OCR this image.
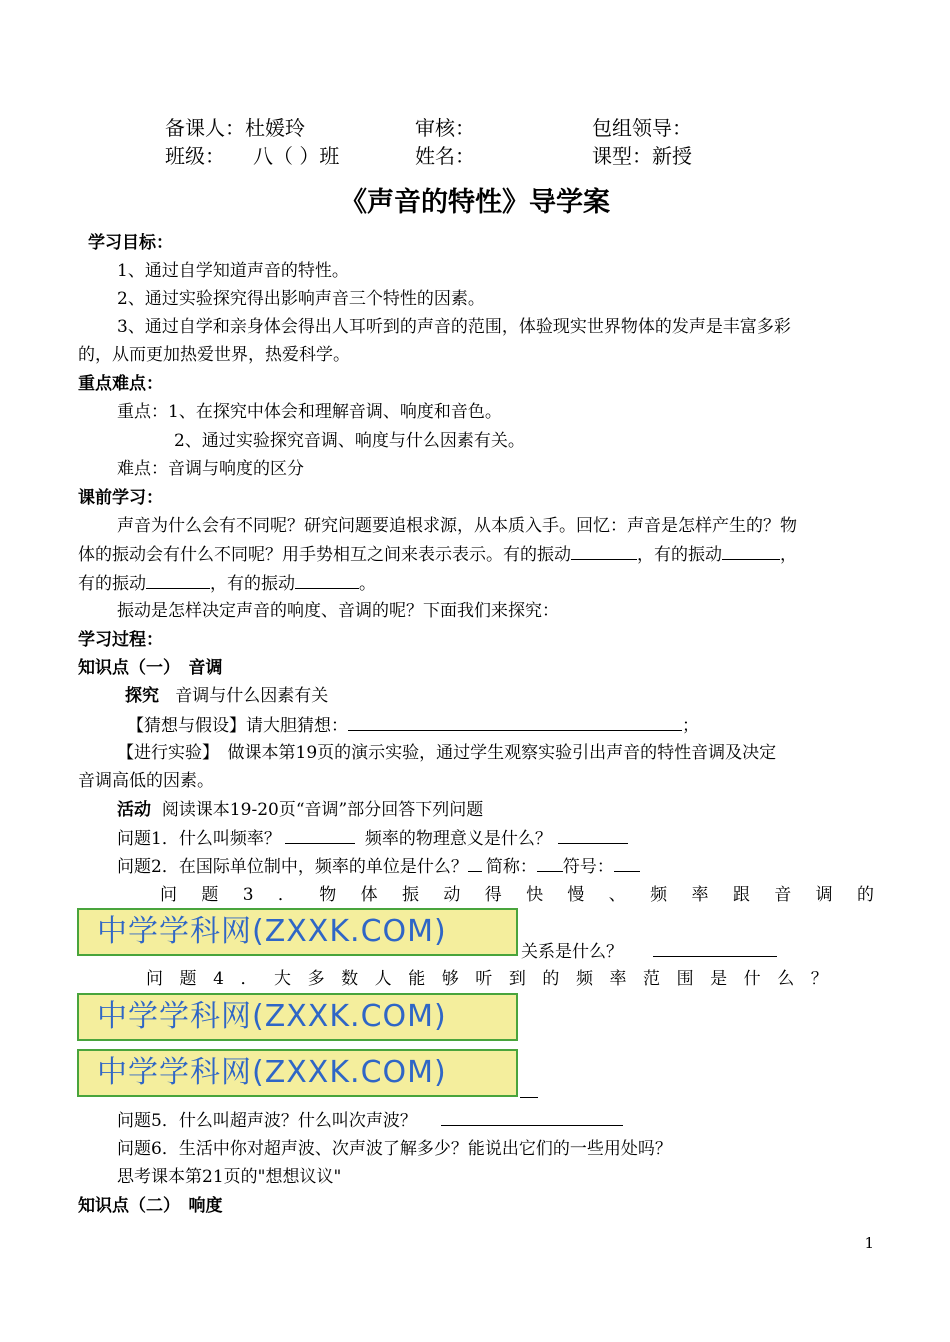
备课人：杜媛玲	审核：	包组领导：
班级： 八（ ）班	姓名：	课型：新授
《声音的特性》导学案
学习目标：
1、通过自学知道声音的特性。
2、通过实验探究得出影响声音三个特性的因素。
3、通过自学和亲身体会得出人耳听到的声音的范围，体验现实世界物体的发声是丰富多彩
的，从而更加热爱世界，热爱科学。
重点难点：
重点：1、在探究中体会和理解音调、响度和音色。
2、通过实验探究音调、响度与什么因素有关。
难点：音调与响度的区分
课前学习：
声音为什么会有不同呢？研究问题要追根求源，从本质入手。回忆：声音是怎样产生的？物
体的振动会有什么不同呢？用手势相互之间来表示表示。有的振动	，有的振动	，
有的振动	，有的振动	。
振动是怎样决定声音的响度、音调的呢？下面我们来探究：
学习过程：
知识点（一）　音调
探究 音调与什么因素有关
【猜想与假设】请大胆猜想：	；
【进行实验】　做课本第19页的演示实验，通过学生观察实验引出声音的特性音调及决定
音调高低的因素。
活动 阅读课本19-20页“音调”部分回答下列问题
问题1．什么叫频率？	频率的物理意义是什么？
问题2．在国际单位制中，频率的单位是什么？ 简称： 符号：
问 题 3 ． 物 体 振 动 得 快 慢 、 频 率 跟 音 调 的
中学学科网(ZXXK.COM)
关系是什么？
问 题 4 ． 大 多 数 人 能 够 听 到 的 频 率 范 围 是 什 么 ？
中学学科网(ZXXK.COM)
中学学科网(ZXXK.COM)
问题5．什么叫超声波？什么叫次声波？
问题6．生活中你对超声波、次声波了解多少？能说出它们的一些用处吗？
思考课本第21页的"想想议议"
知识点（二）　响度
1
